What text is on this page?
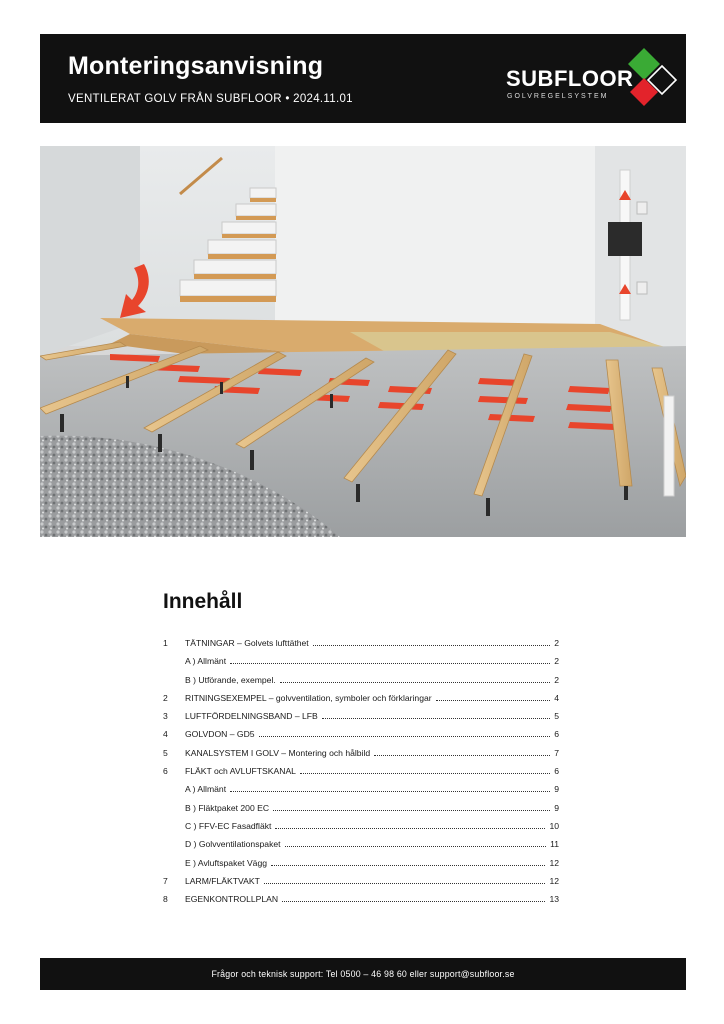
Monteringsanvisning
VENTILERAT GOLV FRÅN SUBFLOOR • 2024.11.01
SUBFLOOR
GOLVREGELSYSTEM
Innehåll
1	TÄTNINGAR – Golvets lufttäthet	2
A ) Allmänt	2
B ) Utförande, exempel.	2
2	RITNINGSEXEMPEL – golvventilation, symboler och förklaringar	4
3	LUFTFÖRDELNINGSBAND – LFB	5
4	GOLVDON – GD5	6
5	KANALSYSTEM I GOLV – Montering och hålbild	7
6	FLÄKT och AVLUFTSKANAL	6
A ) Allmänt	9
B ) Fläktpaket 200 EC	9
C ) FFV-EC Fasadfläkt	10
D ) Golvventilationspaket	11
E ) Avluftspaket Vägg	12
7	LARM/FLÄKTVAKT	12
8	EGENKONTROLLPLAN	13
Frågor och teknisk support: Tel 0500 – 46 98 60 eller support@subfloor.se
